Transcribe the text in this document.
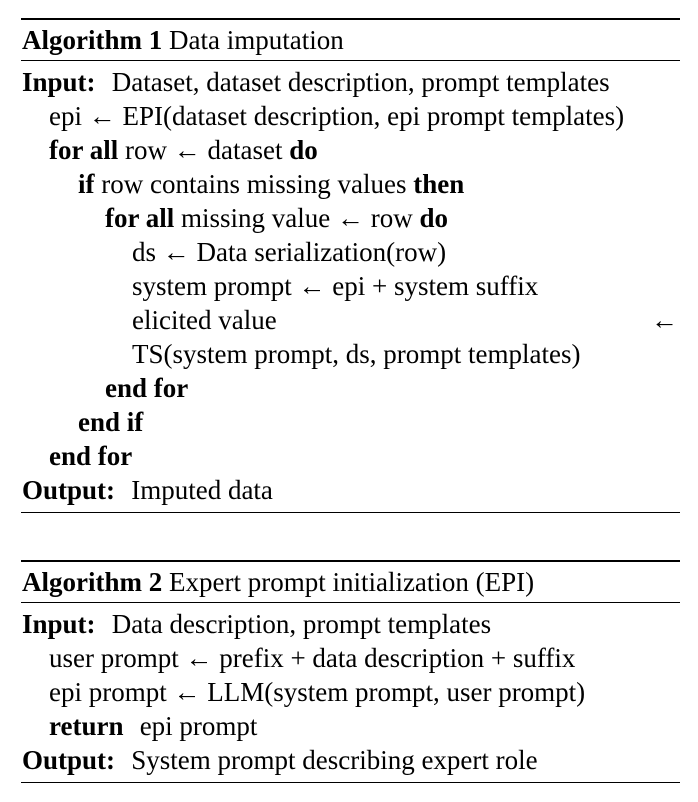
Algorithm 1 Data imputation
Input: Dataset, dataset description, prompt templates
epi ← EPI(dataset description, epi prompt templates)
for all row ← dataset do
if row contains missing values then
for all missing value ← row do
ds ← Data serialization(row)
system prompt ← epi + system suffix
elicited value	←
TS(system prompt, ds, prompt templates)
end for
end if
end for
Output: Imputed data
Algorithm 2 Expert prompt initialization (EPI)
Input: Data description, prompt templates
user prompt ← prefix + data description + suffix
epi prompt ← LLM(system prompt, user prompt)
return epi prompt
Output: System prompt describing expert role
